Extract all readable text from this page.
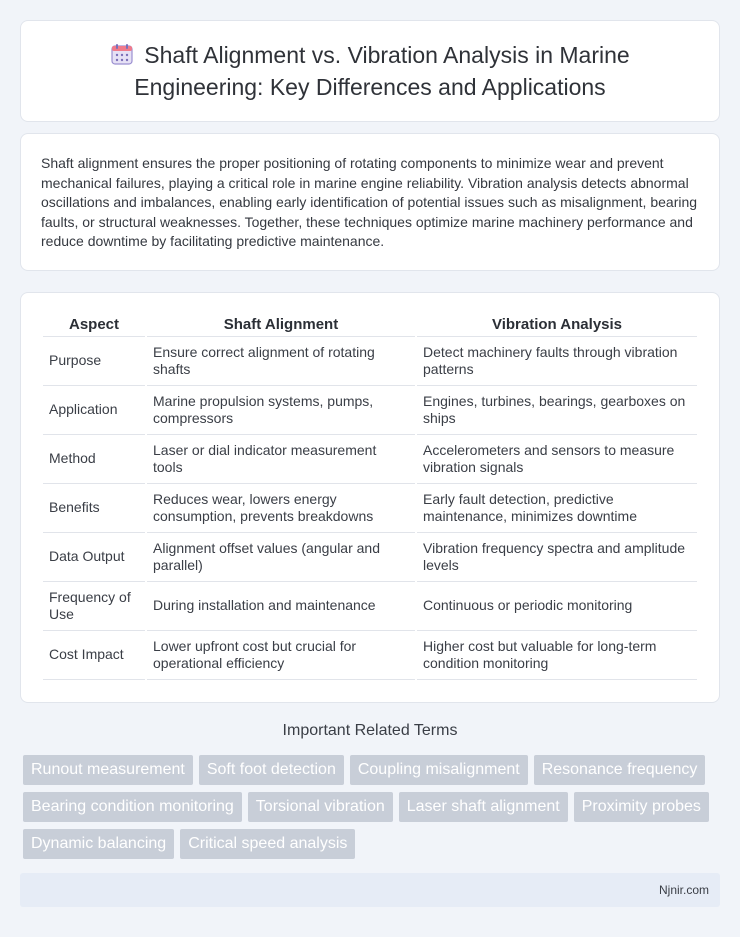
Shaft Alignment vs. Vibration Analysis in Marine Engineering: Key Differences and Applications

Shaft alignment ensures the proper positioning of rotating components to minimize wear and prevent mechanical failures, playing a critical role in marine engine reliability. Vibration analysis detects abnormal oscillations and imbalances, enabling early identification of potential issues such as misalignment, bearing faults, or structural weaknesses. Together, these techniques optimize marine machinery performance and reduce downtime by facilitating predictive maintenance.

Aspect	Shaft Alignment	Vibration Analysis
Purpose	Ensure correct alignment of rotating shafts	Detect machinery faults through vibration patterns
Application	Marine propulsion systems, pumps, compressors	Engines, turbines, bearings, gearboxes on ships
Method	Laser or dial indicator measurement tools	Accelerometers and sensors to measure vibration signals
Benefits	Reduces wear, lowers energy consumption, prevents breakdowns	Early fault detection, predictive maintenance, minimizes downtime
Data Output	Alignment offset values (angular and parallel)	Vibration frequency spectra and amplitude levels
Frequency of Use	During installation and maintenance	Continuous or periodic monitoring
Cost Impact	Lower upfront cost but crucial for operational efficiency	Higher cost but valuable for long-term condition monitoring
Important Related Terms
Runout measurement	Soft foot detection	Coupling misalignment	Resonance frequency
Bearing condition monitoring	Torsional vibration	Laser shaft alignment	Proximity probes
Dynamic balancing	Critical speed analysis
Njnir.com
